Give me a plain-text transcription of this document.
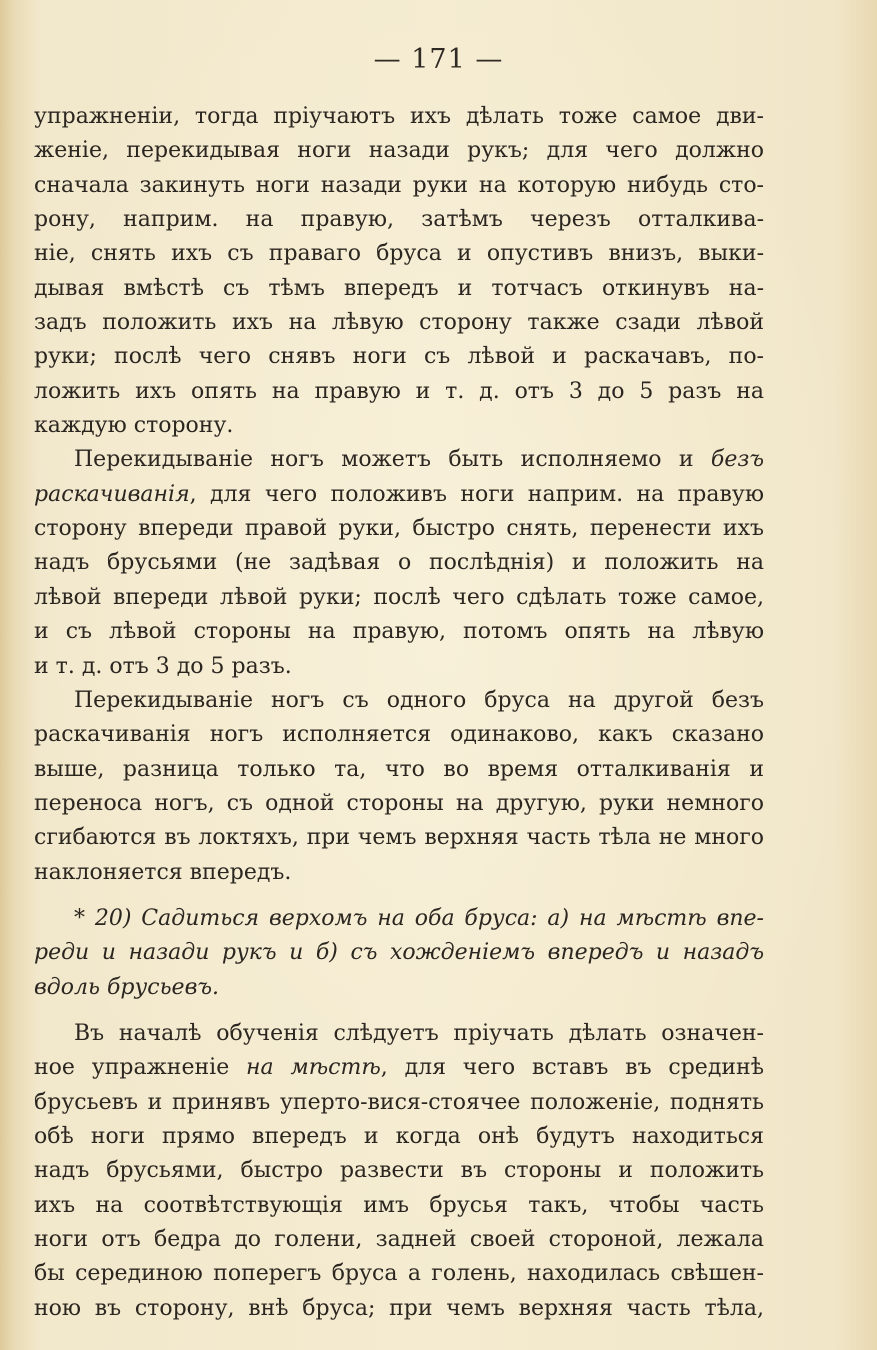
— 171 —
упражненіи, тогда пріучаютъ ихъ дѣлать тоже самое дви-
женіе, перекидывая ноги назади рукъ; для чего должно
сначала закинуть ноги назади руки на которую нибудь сто-
рону, наприм. на правую, затѣмъ черезъ отталкива-
ніе, снять ихъ съ праваго бруса и опустивъ внизъ, выки-
дывая вмѣстѣ съ тѣмъ впередъ и тотчасъ откинувъ на-
задъ положить ихъ на лѣвую сторону также сзади лѣвой
руки; послѣ чего снявъ ноги съ лѣвой и раскачавъ, по-
ложить ихъ опять на правую и т. д. отъ 3 до 5 разъ на
каждую сторону.
Перекидываніе ногъ можетъ быть исполняемо и безъ
раскачиванія, для чего положивъ ноги наприм. на правую
сторону впереди правой руки, быстро снять, перенести ихъ
надъ брусьями (не задѣвая о послѣднія) и положить на
лѣвой впереди лѣвой руки; послѣ чего сдѣлать тоже самое,
и съ лѣвой стороны на правую, потомъ опять на лѣвую
и т. д. отъ 3 до 5 разъ.
Перекидываніе ногъ съ одного бруса на другой безъ
раскачиванія ногъ исполняется одинаково, какъ сказано
выше, разница только та, что во время отталкиванія и
переноса ногъ, съ одной стороны на другую, руки немного
сгибаются въ локтяхъ, при чемъ верхняя часть тѣла не много
наклоняется впередъ.
* 20) Садиться верхомъ на оба бруса: а) на мѣстѣ впе-
реди и назади рукъ и б) съ хожденіемъ впередъ и назадъ
вдоль брусьевъ.
Въ началѣ обученія слѣдуетъ пріучать дѣлать означен-
ное упражненіе на мѣстѣ, для чего вставъ въ срединѣ
брусьевъ и принявъ уперто-вися-стоячее положеніе, поднять
обѣ ноги прямо впередъ и когда онѣ будутъ находиться
надъ брусьями, быстро развести въ стороны и положить
ихъ на соотвѣтствующія имъ брусья такъ, чтобы часть
ноги отъ бедра до голени, задней своей стороной, лежала
бы серединою поперегъ бруса а голень, находилась свѣшен-
ною въ сторону, внѣ бруса; при чемъ верхняя часть тѣла,
